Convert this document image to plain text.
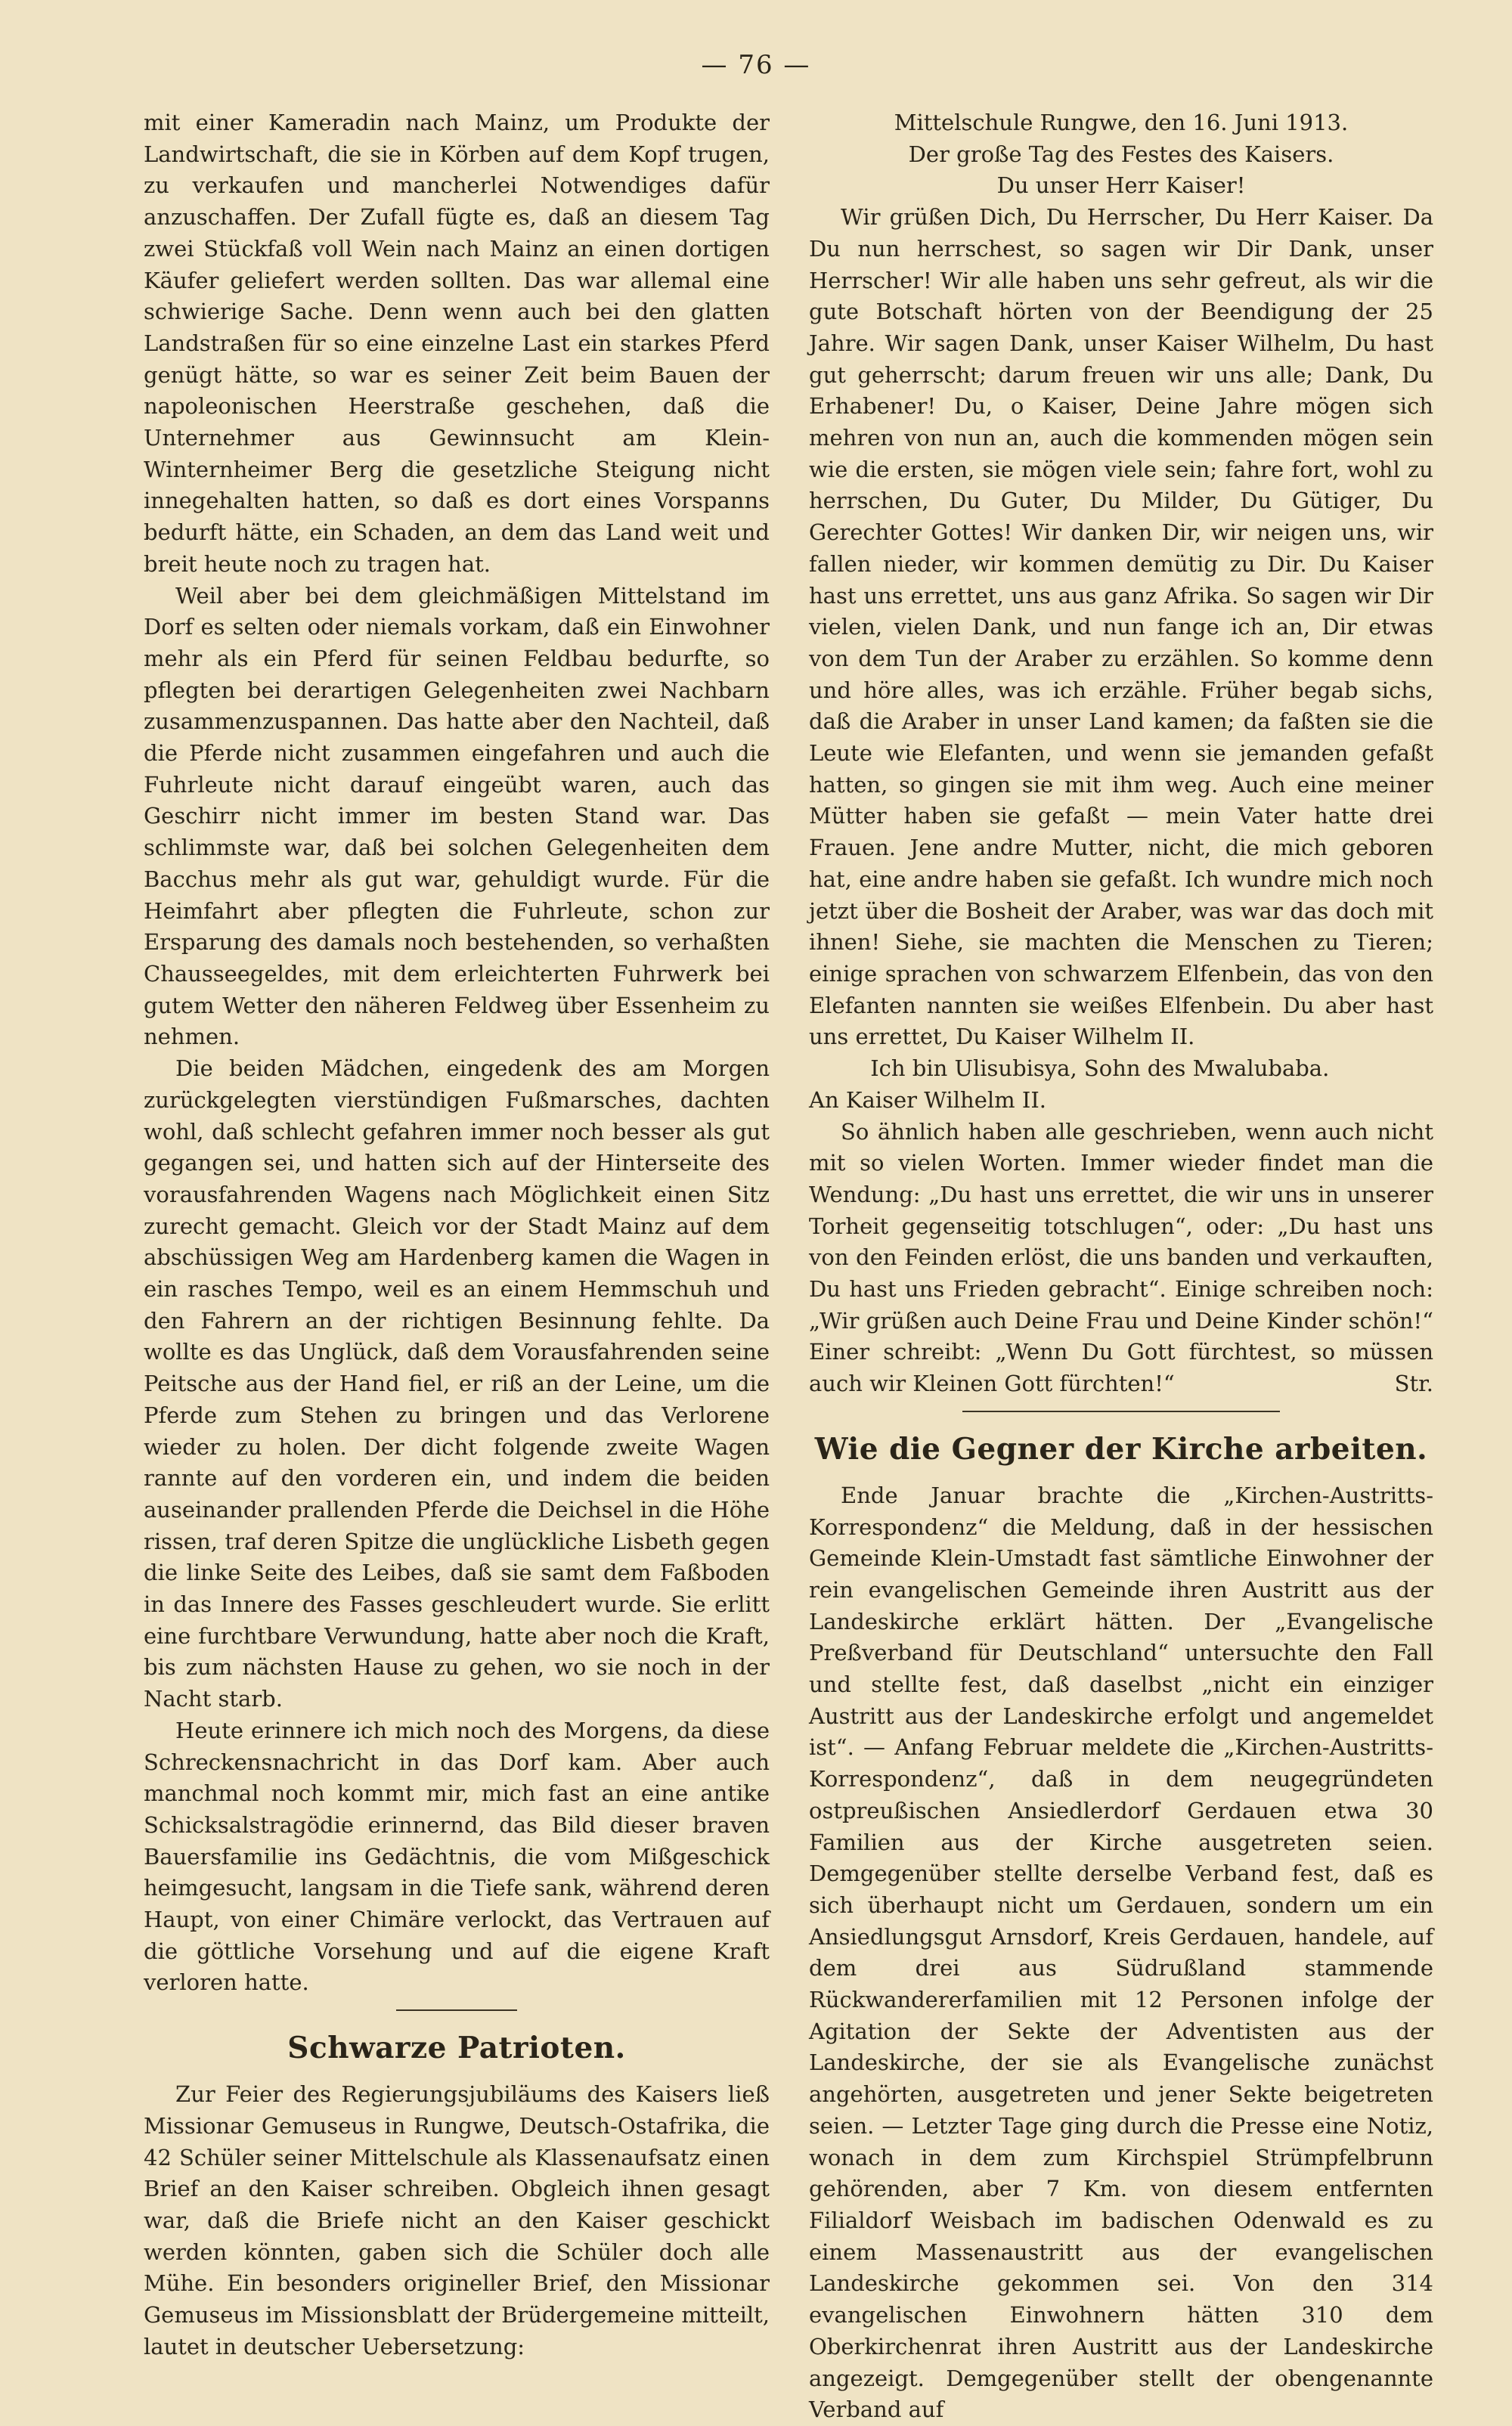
— 76 —

mit einer Kameradin nach Mainz, um Produkte der Landwirtschaft, die sie in Körben auf dem Kopf trugen, zu verkaufen und mancherlei Notwendiges dafür anzuschaffen. Der Zufall fügte es, daß an diesem Tag zwei Stückfaß voll Wein nach Mainz an einen dortigen Käufer geliefert werden sollten. Das war allemal eine schwierige Sache. Denn wenn auch bei den glatten Landstraßen für so eine einzelne Last ein starkes Pferd genügt hätte, so war es seiner Zeit beim Bauen der napoleonischen Heerstraße geschehen, daß die Unternehmer aus Gewinnsucht am Klein-Winternheimer Berg die gesetzliche Steigung nicht innegehalten hatten, so daß es dort eines Vorspanns bedurft hätte, ein Schaden, an dem das Land weit und breit heute noch zu tragen hat.

Weil aber bei dem gleichmäßigen Mittelstand im Dorf es selten oder niemals vorkam, daß ein Einwohner mehr als ein Pferd für seinen Feldbau bedurfte, so pflegten bei derartigen Gelegenheiten zwei Nachbarn zusammenzuspannen. Das hatte aber den Nachteil, daß die Pferde nicht zusammen eingefahren und auch die Fuhrleute nicht darauf eingeübt waren, auch das Geschirr nicht immer im besten Stand war. Das schlimmste war, daß bei solchen Gelegenheiten dem Bacchus mehr als gut war, gehuldigt wurde. Für die Heimfahrt aber pflegten die Fuhrleute, schon zur Ersparung des damals noch bestehenden, so verhaßten Chausseegeldes, mit dem erleichterten Fuhrwerk bei gutem Wetter den näheren Feldweg über Essenheim zu nehmen.

Die beiden Mädchen, eingedenk des am Morgen zurückgelegten vierstündigen Fußmarsches, dachten wohl, daß schlecht gefahren immer noch besser als gut gegangen sei, und hatten sich auf der Hinterseite des vorausfahrenden Wagens nach Möglichkeit einen Sitz zurecht gemacht. Gleich vor der Stadt Mainz auf dem abschüssigen Weg am Hardenberg kamen die Wagen in ein rasches Tempo, weil es an einem Hemmschuh und den Fahrern an der richtigen Besinnung fehlte. Da wollte es das Unglück, daß dem Vorausfahrenden seine Peitsche aus der Hand fiel, er riß an der Leine, um die Pferde zum Stehen zu bringen und das Verlorene wieder zu holen. Der dicht folgende zweite Wagen rannte auf den vorderen ein, und indem die beiden auseinander prallenden Pferde die Deichsel in die Höhe rissen, traf deren Spitze die unglückliche Lisbeth gegen die linke Seite des Leibes, daß sie samt dem Faßboden in das Innere des Fasses geschleudert wurde. Sie erlitt eine furchtbare Verwundung, hatte aber noch die Kraft, bis zum nächsten Hause zu gehen, wo sie noch in der Nacht starb.

Heute erinnere ich mich noch des Morgens, da diese Schreckensnachricht in das Dorf kam. Aber auch manchmal noch kommt mir, mich fast an eine antike Schicksalstragödie erinnernd, das Bild dieser braven Bauersfamilie ins Gedächtnis, die vom Mißgeschick heimgesucht, langsam in die Tiefe sank, während deren Haupt, von einer Chimäre verlockt, das Vertrauen auf die göttliche Vorsehung und auf die eigene Kraft verloren hatte.

Schwarze Patrioten.

Zur Feier des Regierungsjubiläums des Kaisers ließ Missionar Gemuseus in Rungwe, Deutsch-Ostafrika, die 42 Schüler seiner Mittelschule als Klassenaufsatz einen Brief an den Kaiser schreiben. Obgleich ihnen gesagt war, daß die Briefe nicht an den Kaiser geschickt werden könnten, gaben sich die Schüler doch alle Mühe. Ein besonders origineller Brief, den Missionar Gemuseus im Missionsblatt der Brüdergemeine mitteilt, lautet in deutscher Uebersetzung:

Mittelschule Rungwe, den 16. Juni 1913.

Der große Tag des Festes des Kaisers.

Du unser Herr Kaiser!

Wir grüßen Dich, Du Herrscher, Du Herr Kaiser. Da Du nun herrschest, so sagen wir Dir Dank, unser Herrscher! Wir alle haben uns sehr gefreut, als wir die gute Botschaft hörten von der Beendigung der 25 Jahre. Wir sagen Dank, unser Kaiser Wilhelm, Du hast gut geherrscht; darum freuen wir uns alle; Dank, Du Erhabener! Du, o Kaiser, Deine Jahre mögen sich mehren von nun an, auch die kommenden mögen sein wie die ersten, sie mögen viele sein; fahre fort, wohl zu herrschen, Du Guter, Du Milder, Du Gütiger, Du Gerechter Gottes! Wir danken Dir, wir neigen uns, wir fallen nieder, wir kommen demütig zu Dir. Du Kaiser hast uns errettet, uns aus ganz Afrika. So sagen wir Dir vielen, vielen Dank, und nun fange ich an, Dir etwas von dem Tun der Araber zu erzählen. So komme denn und höre alles, was ich erzähle. Früher begab sichs, daß die Araber in unser Land kamen; da faßten sie die Leute wie Elefanten, und wenn sie jemanden gefaßt hatten, so gingen sie mit ihm weg. Auch eine meiner Mütter haben sie gefaßt — mein Vater hatte drei Frauen. Jene andre Mutter, nicht, die mich geboren hat, eine andre haben sie gefaßt. Ich wundre mich noch jetzt über die Bosheit der Araber, was war das doch mit ihnen! Siehe, sie machten die Menschen zu Tieren; einige sprachen von schwarzem Elfenbein, das von den Elefanten nannten sie weißes Elfenbein. Du aber hast uns errettet, Du Kaiser Wilhelm II.

Ich bin Ulisubisya, Sohn des Mwalubaba.

An Kaiser Wilhelm II.

So ähnlich haben alle geschrieben, wenn auch nicht mit so vielen Worten. Immer wieder findet man die Wendung: „Du hast uns errettet, die wir uns in unserer Torheit gegenseitig totschlugen“, oder: „Du hast uns von den Feinden erlöst, die uns banden und verkauften, Du hast uns Frieden gebracht“. Einige schreiben noch: „Wir grüßen auch Deine Frau und Deine Kinder schön!“ Einer schreibt: „Wenn Du Gott fürchtest, so müssen auch wir Kleinen Gott fürchten!“	Str.

Wie die Gegner der Kirche arbeiten.

Ende Januar brachte die „Kirchen-Austritts-Korrespondenz“ die Meldung, daß in der hessischen Gemeinde Klein-Umstadt fast sämtliche Einwohner der rein evangelischen Gemeinde ihren Austritt aus der Landeskirche erklärt hätten. Der „Evangelische Preßverband für Deutschland“ untersuchte den Fall und stellte fest, daß daselbst „nicht ein einziger Austritt aus der Landeskirche erfolgt und angemeldet ist“. — Anfang Februar meldete die „Kirchen-Austritts-Korrespondenz“, daß in dem neugegründeten ostpreußischen Ansiedlerdorf Gerdauen etwa 30 Familien aus der Kirche ausgetreten seien. Demgegenüber stellte derselbe Verband fest, daß es sich überhaupt nicht um Gerdauen, sondern um ein Ansiedlungsgut Arnsdorf, Kreis Gerdauen, handele, auf dem drei aus Südrußland stammende Rückwandererfamilien mit 12 Personen infolge der Agitation der Sekte der Adventisten aus der Landeskirche, der sie als Evangelische zunächst angehörten, ausgetreten und jener Sekte beigetreten seien. — Letzter Tage ging durch die Presse eine Notiz, wonach in dem zum Kirchspiel Strümpfelbrunn gehörenden, aber 7 Km. von diesem entfernten Filialdorf Weisbach im badischen Odenwald es zu einem Massenaustritt aus der evangelischen Landeskirche gekommen sei. Von den 314 evangelischen Einwohnern hätten 310 dem Oberkirchenrat ihren Austritt aus der Landeskirche angezeigt. Demgegenüber stellt der obengenannte Verband auf
